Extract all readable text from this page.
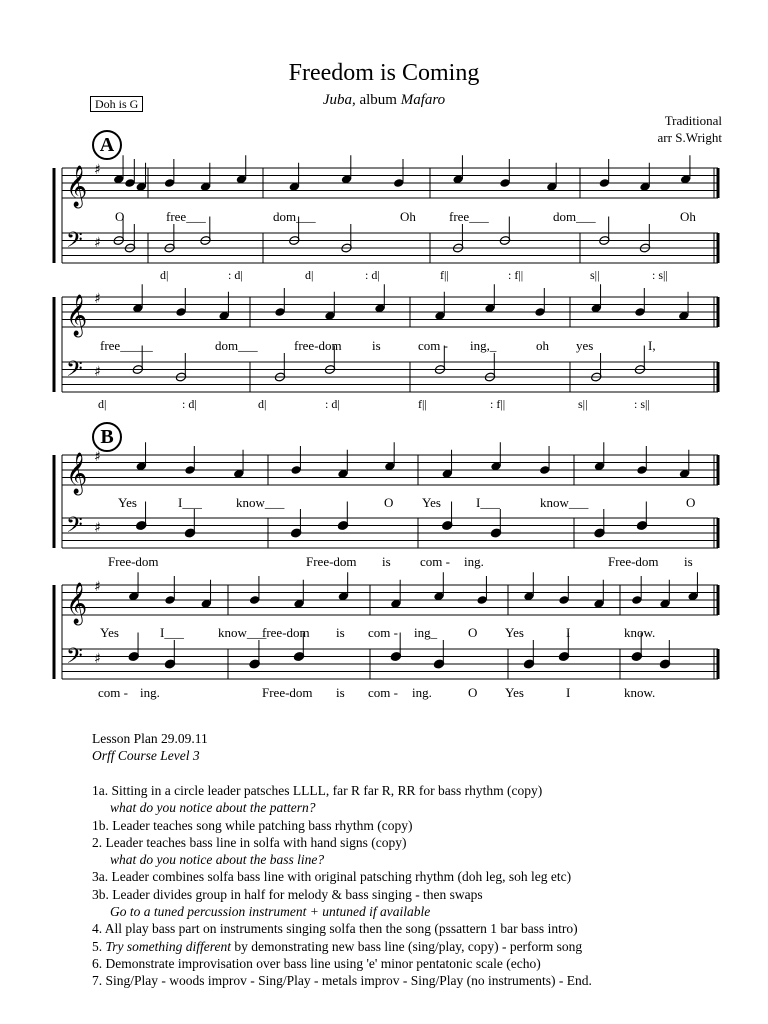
Freedom is Coming
Juba, album Mafaro
Doh is G
Traditional
arr S.Wright
A
B
𝄞 ♯
𝄢 ♯
𝄞 ♯
𝄢 ♯
𝄞 ♯
𝄢 ♯
𝄞 ♯
𝄢 ♯
O	free___	dom___	Oh	free___	dom___	Oh
d|	: d|	d|	: d|	f||	: f||	s||	: s||
free_____	dom___	free-dom is	com - ing,_	oh yes	I,
d|	: d|	d|	: d|	f||	: f||	s||	: s||
Yes	I___	know___	O Yes	I___	know___	O
Free-dom	Free-dom is com - ing.	Free-dom is
Yes	I___	know___
free-dom is com - ing_ O Yes	I	know.
com - ing.	Free-dom is com - ing.	O Yes	I	know.
Lesson Plan 29.09.11
Orff Course Level 3
1a. Sitting in a circle leader patsches LLLL, far R far R, RR for bass rhythm (copy)
what do you notice about the pattern?
1b. Leader teaches song while patching bass rhythm (copy)
2. Leader teaches bass line in solfa with hand signs (copy)
what do you notice about the bass line?
3a. Leader combines solfa bass line with original patsching rhythm (doh leg, soh leg etc)
3b. Leader divides group in half for melody & bass singing - then swaps
Go to a tuned percussion instrument + untuned if available
4. All play bass part on instruments singing solfa then the song (pssattern 1 bar bass intro)
5. Try something different by demonstrating new bass line (sing/play, copy) - perform song
6. Demonstrate improvisation over bass line using 'e' minor pentatonic scale (echo)
7. Sing/Play - woods improv - Sing/Play - metals improv - Sing/Play (no instruments) - End.
